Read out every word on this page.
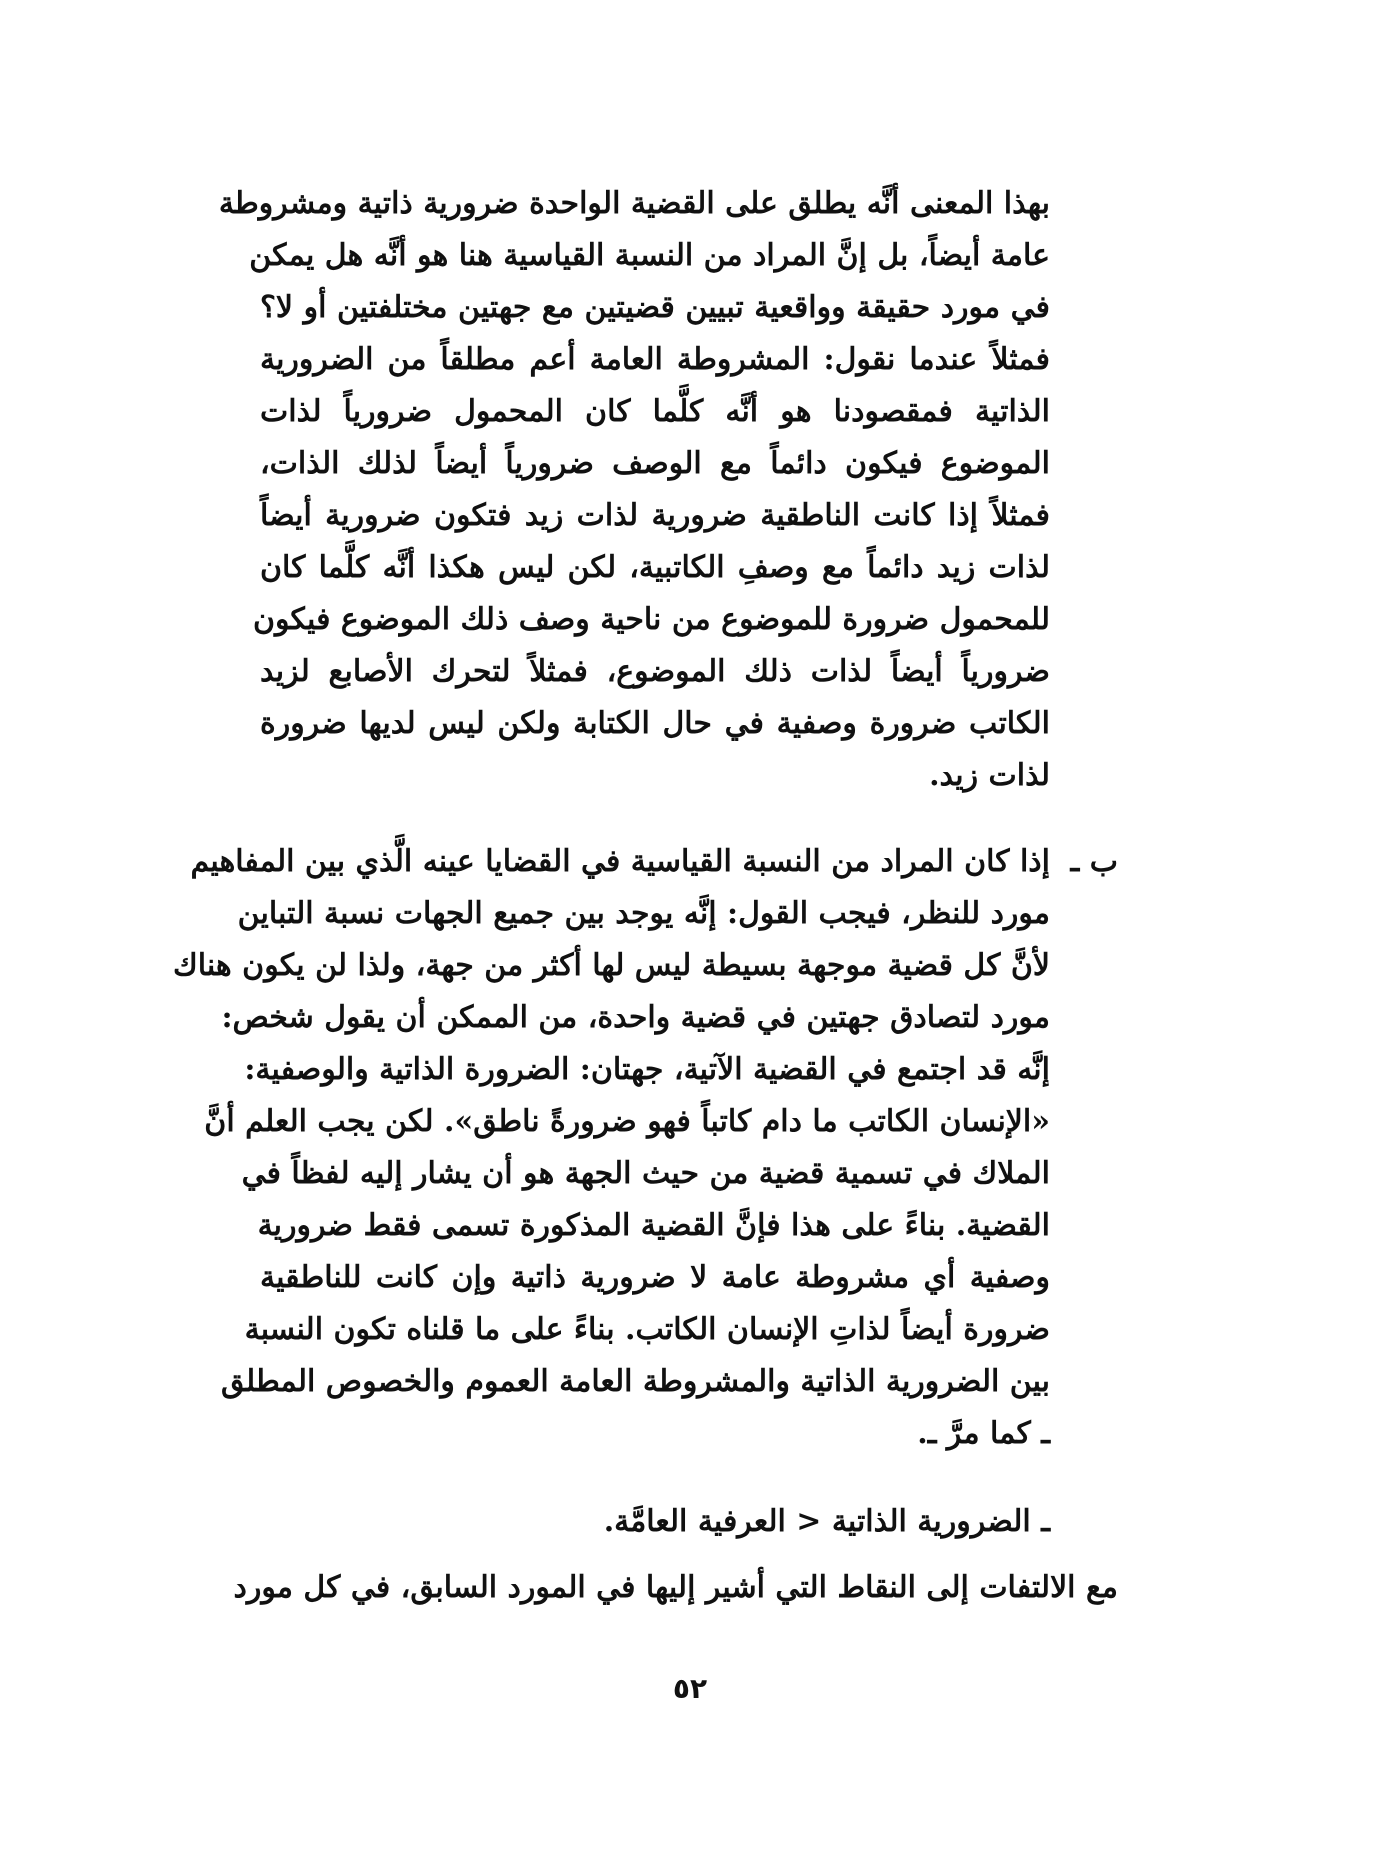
بهذا المعنى أنَّه يطلق على القضية الواحدة ضرورية ذاتية ومشروطة
عامة أيضاً، بل إنَّ المراد من النسبة القياسية هنا هو أنَّه هل يمكن
في مورد حقيقة وواقعية تبيين قضيتين مع جهتين مختلفتين أو لا؟
فمثلاً عندما نقول: المشروطة العامة أعم مطلقاً من الضرورية
الذاتية فمقصودنا هو أنَّه كلَّما كان المحمول ضرورياً لذات
الموضوع فيكون دائماً مع الوصف ضرورياً أيضاً لذلك الذات،
فمثلاً إذا كانت الناطقية ضرورية لذات زيد فتكون ضرورية أيضاً
لذات زيد دائماً مع وصفِ الكاتبية، لكن ليس هكذا أنَّه كلَّما كان
للمحمول ضرورة للموضوع من ناحية وصف ذلك الموضوع فيكون
ضرورياً أيضاً لذات ذلك الموضوع، فمثلاً لتحرك الأصابع لزيد
الكاتب ضرورة وصفية في حال الكتابة ولكن ليس لديها ضرورة
لذات زيد.
ب ـ
إذا كان المراد من النسبة القياسية في القضايا عينه الَّذي بين المفاهيم
مورد للنظر، فيجب القول: إنَّه يوجد بين جميع الجهات نسبة التباين
لأنَّ كل قضية موجهة بسيطة ليس لها أكثر من جهة، ولذا لن يكون هناك
مورد لتصادق جهتين في قضية واحدة، من الممكن أن يقول شخص:
إنَّه قد اجتمع في القضية الآتية، جهتان: الضرورة الذاتية والوصفية:
«الإنسان الكاتب ما دام كاتباً فهو ضرورةً ناطق». لكن يجب العلم أنَّ
الملاك في تسمية قضية من حيث الجهة هو أن يشار إليه لفظاً في
القضية. بناءً على هذا فإنَّ القضية المذكورة تسمى فقط ضرورية
وصفية أي مشروطة عامة لا ضرورية ذاتية وإن كانت للناطقية
ضرورة أيضاً لذاتِ الإنسان الكاتب. بناءً على ما قلناه تكون النسبة
بين الضرورية الذاتية والمشروطة العامة العموم والخصوص المطلق
ـ كما مرَّ ـ.
ـ الضرورية الذاتية < العرفية العامَّة.
مع الالتفات إلى النقاط التي أشير إليها في المورد السابق، في كل مورد
٥٢
